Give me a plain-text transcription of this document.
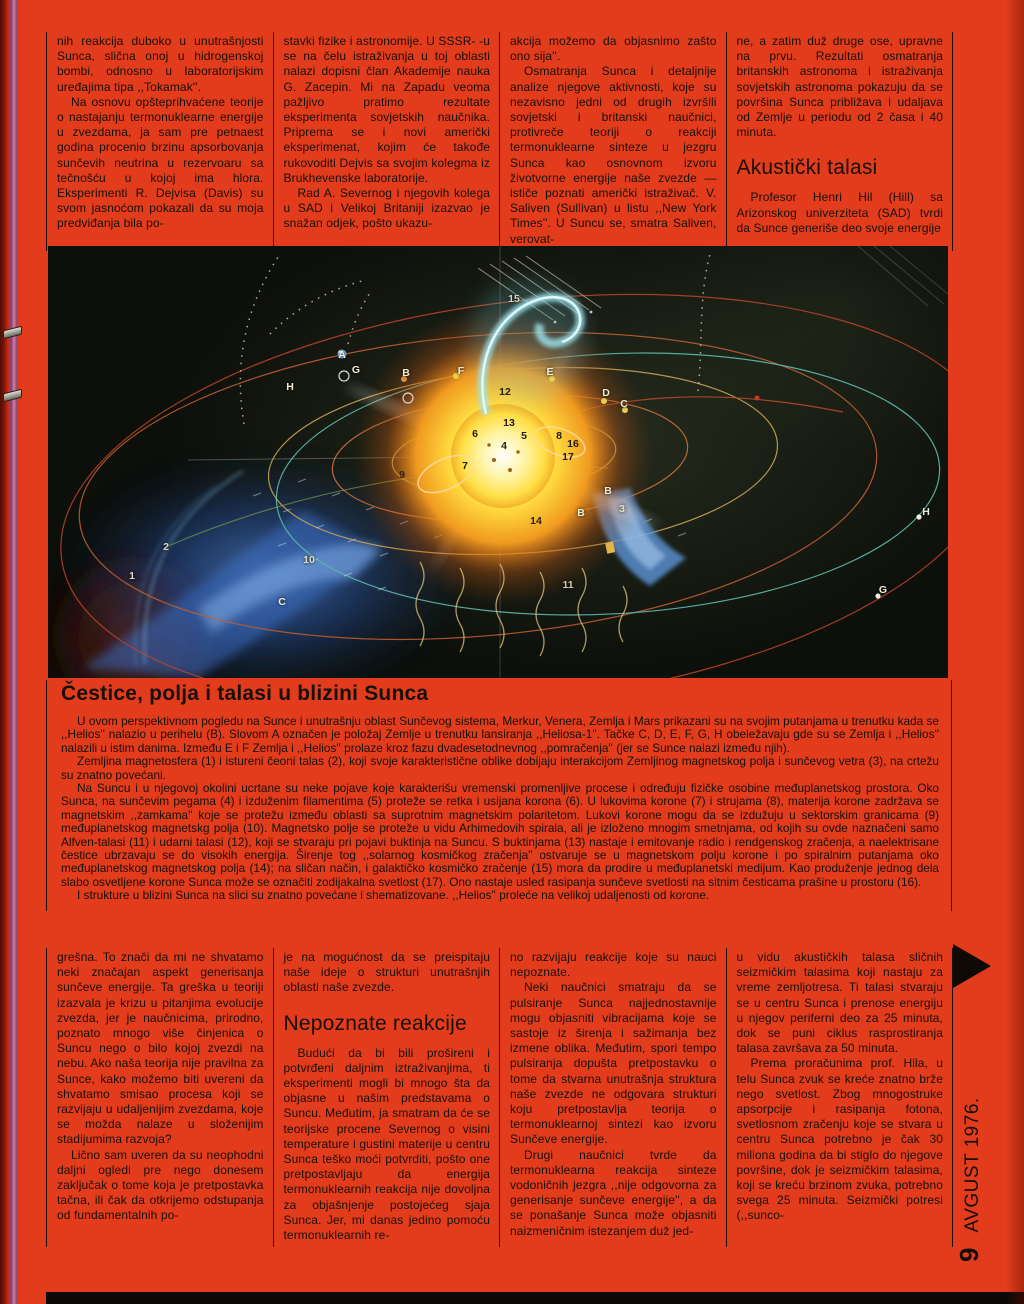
nih reakcija duboko u unutrašnjosti Sunca, slična onoj u hidrogenskoj bombi, odnosno u laboratorijskim uređajima tipa ,,Tokamak''.

Na osnovu opšteprihvaćene teorije o nastajanju termonuklearne energije u zvezdama, ja sam pre petnaest godina procenio brzinu apsorbovanja sunčevih neutrina u rezervoaru sa tečnošću u kojoj ima hlora. Eksperimenti R. Dejvisa (Davis) su svom jasnoćom pokazali da su moja predviđanja bila po-

stavki fizike i astronomije. U SSSR- -u se na čelu istraživanja u toj oblasti nalazi dopisni član Akademije nauka G. Zacepin. Mi na Zapadu veoma pažljivo pratimo rezultate eksperimenta sovjetskih naučnika. Priprema se i novi američki eksperimenat, kojim će takođe rukovoditi Dejvis sa svojim kolegma iz Brukhevenske laboratorije.

Rad A. Severnog i njegovih kolega u SAD i Velikoj Britaniji izazvao je snažan odjek, pošto ukazu-

akcija možemo da objasnimo zašto ono sija''.

Osmatranja Sunca i detaljnije analize njegove aktivnosti, koje su nezavisno jedni od drugih izvršili sovjetski i britanski naučnici, protivreče teoriji o reakciji termonuklearne sinteze u jezgru Sunca kao osnovnom izvoru životvorne energije naše zvezde — ističe poznati američki istraživač. V. Saliven (Sullivan) u listu ,,New York Times''. U Suncu se, smatra Saliven, verovat-

ne, a zatim duž druge ose, upravne na prvu. Rezultati osmatranja britanskih astronoma i istraživanja sovjetskih astronoma pokazuju da se površina Sunca približava i udaljava od Zemlje u periodu od 2 časa i 40 minuta.

Akustički talasi

Profesor Henri Hil (Hill) sa Arizonskog univerziteta (SAD) tvrdi da Sunce generiše deo svoje energije

A
G	B	F	E
D
C
H
H
G
B
B
C
15
12
13
6	5
4
8
7
16
17
9
9
14
3
11
10
2
1
Čestice, polja i talasi u blizini Sunca

U ovom perspektivnom pogledu na Sunce i unutrašnju oblast Sunčevog sistema, Merkur, Venera, Zemlja i Mars prikazani su na svojim putanjama u trenutku kada se ,,Helios'' nalazio u perihelu (B). Slovom A označen je položaj Zemlje u trenutku lansiranja ,,Heliosa-1''. Tačke C, D, E, F, G, H obeležavaju gde su se Zemlja i ,,Helios'' nalazili u istim danima. Između E i F Zemlja i ,,Helios'' prolaze kroz fazu dvadesetodnevnog ,,pomračenja'' (jer se Sunce nalazi između njih).

Zemljina magnetosfera (1) i istureni čeoni talas (2), koji svoje karakteristične oblike dobijaju interakcijom Zemljinog magnetskog polja i sunčevog vetra (3), na crtežu su znatno povećani.

Na Suncu i u njegovoj okolini ucrtane su neke pojave koje karakterišu vremenski promenljive procese i određuju fizičke osobine međuplanetskog prostora. Oko Sunca, na sunčevim pegama (4) i izduženim filamentima (5) proteže se retka i usijana korona (6). U lukovima korone (7) i strujama (8), materija korone zadržava se magnetskim ,,zamkama'' koje se protežu između oblasti sa suprotnim magnetskim polaritetom. Lukovi korone mogu da se izdužuju u sektorskim granicama (9) međuplanetskog magnetskg polja (10). Magnetsko polje se proteže u vidu Arhimedovih spirala, ali je izloženo mnogim smetnjama, od kojih su ovde naznačeni samo Alfven-talasi (11) i udarni talasi (12), koji se stvaraju pri pojavi buktinja na Suncu. S buktinjama (13) nastaje i emitovanje radio i rendgenskog zračenja, a naelektrisane čestice ubrzavaju se do visokih energija. Širenje tog ,,solarnog kosmičkog zračenja'' ostvaruje se u magnetskom polju korone i po spiralnim putanjama oko međuplanetskog magnetskog polja (14); na sličan način, i galaktičko kosmičko zračenje (15) mora da prodire u međuplanetski medijum. Kao produženje jednog dela slabo osvetljene korone Sunca može se označiti zodijakalna svetlost (17). Ono nastaje usled rasipanja sunčeve svetlosti na sitnim česticama prašine u prostoru (16).

I strukture u blizini Sunca na slici su znatno povećane i shematizovane. ,,Helios'' proleće na velikoj udaljenosti od korone.

grešna. To znači da mi ne shvatamo neki značajan aspekt generisanja sunčeve energije. Ta greška u teoriji izazvala je krizu u pitanjima evolucije zvezda, jer je naučnicima, prirodno, poznato mnogo više činjenica o Suncu nego o bilo kojoj zvezdi na nebu. Ako naša teorija nije pravilna za Sunce, kako možemo biti uvereni da shvatamo smisao procesa koji se razvijaju u udaljenijim zvezdama, koje se možda nalaze u složenijim stadijumima razvoja?

Lično sam uveren da su neophodni daljni ogledi pre nego donesem zaključak o tome koja je pretpostavka tačna, ili čak da otkrijemo odstupanja od fundamentalnih po-

je na mogućnost da se preispitaju naše ideje o strukturi unutrašnjih oblasti naše zvezde.

Nepoznate reakcije

Budući da bi bili prošireni i potvrđeni daljnim iztraživanjima, ti eksperimenti mogli bi mnogo šta da objasne u našim predstavama o Suncu. Međutim, ja smatram da će se teorijske procene Severnog o visini temperature i gustini materije u centru Sunca teško moći potvrditi, pošto one pretpostavljaju da energija termonuklearnih reakcija nije dovoljna za objašnjenje postojećeg sjaja Sunca. Jer, mi danas jedino pomoću termonuklearnih re-

no razvijaju reakcije koje su nauci nepoznate.

Neki naučnici smatraju da se pulsiranje Sunca najjednostavnije mogu objasniti vibracijama koje se sastoje iz širenja i sažimanja bez izmene oblika. Međutim, spori tempo pulsiranja dopušta pretpostavku o tome da stvarna unutrašnja struktura naše zvezde ne odgovara strukturi koju pretpostavlja teorija o termonuklearnoj sintezi kao izvoru Sunčeve energije.

Drugi naučnici tvrde da termonuklearna reakcija sinteze vodoničnih jezgra ,,nije odgovorna za generisanje sunčeve energije'', a da se ponašanje Sunca može objasniti naizmeničnim istezanjem duž jed-

u vidu akustičkih talasa sličnih seizmičkim talasima koji nastaju za vreme zemljotresa. Ti talasi stvaraju se u centru Sunca i prenose energiju u njegov periferni deo za 25 minuta, dok se puni ciklus rasprostiranja talasa završava za 50 minuta.

Prema proračunima prof. Hila, u telu Sunca zvuk se kreće znatno brže nego svetlost. Zbog mnogostruke apsorpcije i rasipanja fotona, svetlosnom zračenju koje se stvara u centru Sunca potrebno je čak 30 miliona godina da bi stiglo do njegove površine, dok je seizmičkim talasima, koji se kreću brzinom zvuka, potrebno svega 25 minuta. Seizmički potresi (,,sunco-

9
AVGUST 1976.
